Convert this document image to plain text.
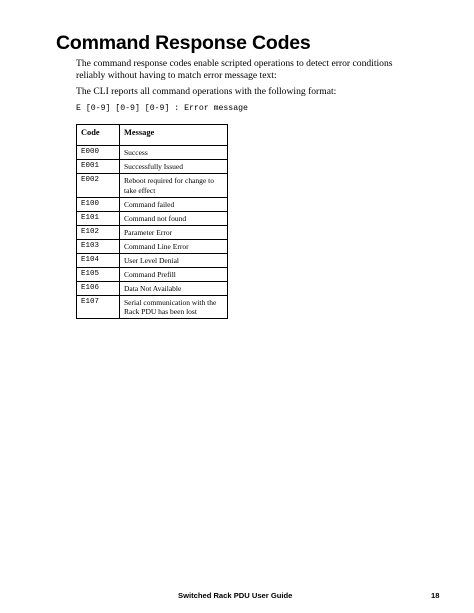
Command Response Codes

The command response codes enable scripted operations to detect error conditions reliably without having to match error message text:

The CLI reports all command operations with the following format:

E [0-9] [0-9] [0-9] : Error message

Code	Message
E000	Success
E001	Successfully Issued
E002	Reboot required for change to take effect
E100	Command failed
E101	Command not found
E102	Parameter Error
E103	Command Line Error
E104	User Level Denial
E105	Command Prefill
E106	Data Not Available
E107	Serial communication with the Rack PDU has been lost
Switched Rack PDU User Guide	18
